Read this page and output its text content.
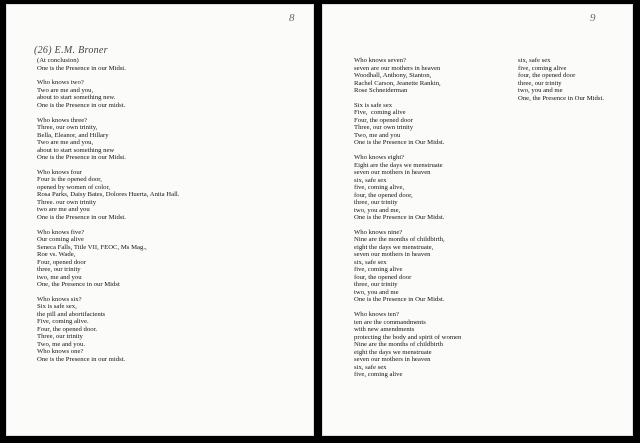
8
(26) E.M. Broner
(At conclusion)
One is the Presence in our Midst.
Who knows two?
Two are me and you,
about to start something new.
One is the Presence in our midst.
Who knows three?
Three, our own trinity,
Bella, Eleanor, and Hillary
Two are me and you,
about to start something new
One is the Presence in our Midst.
Who knows four
Four is the opened door,
opened by women of color,
Rosa Parks, Daisy Bates, Dolores Huerta, Anita Hall.
Three. our own trinity
two are me and you
One is the Presence in our Midst.
Who knows five?
Our coming alive
Seneca Falls, Title VII, FEOC, Ms Mag.,
Roe vs. Wade,
Four, opened door
three, our trinity
two, me and you
One, the Presence in our Midst
Who knows six?
Six is safe sex,
the pill and abortifacients
Five, coming alive.
Four, the opened door.
Three, our trinity
Two, me and you.
Who knows one?
One is the Presence in our midst.
9
Who knows seven?
seven are our mothers in heaven
Woodhall, Anthony, Stanton,
Rachel Carson, Jeanette Rankin,
Rose Schneiderman
Six is safe sex
Five,  coming alive
Four, the opened door
Three, our own trinity
Two, me and you
One is the Presence in Our Midst.
Who knows eight?
Eight are the days we menstruate
seven our mothers in heaven
six, safe sex
five, coming alive,
four, the opened door,
three, our trinity
two, you and me,
One is the Presence in Our Midst.
Who knows nine?
Nine are the months of childbirth,
eight the days we menstruate,
seven our mothers in heaven
six, safe sex
five, coming alive
four, the opened door
three, our trinity
two, you and me
One is the Presence in Our Midst.
Who knows ten?
ten are the commandments
with new amendments
protecting the body and spirit of women
Nine are the months of childbirth
eight the days we menstruate
seven our mothers in heaven
six, safe sex
five, coming alive
six, safe sex
five, coming alive
four, the opened door
three, our trinity
two, you and me
One, the Presence in Our Midst.
